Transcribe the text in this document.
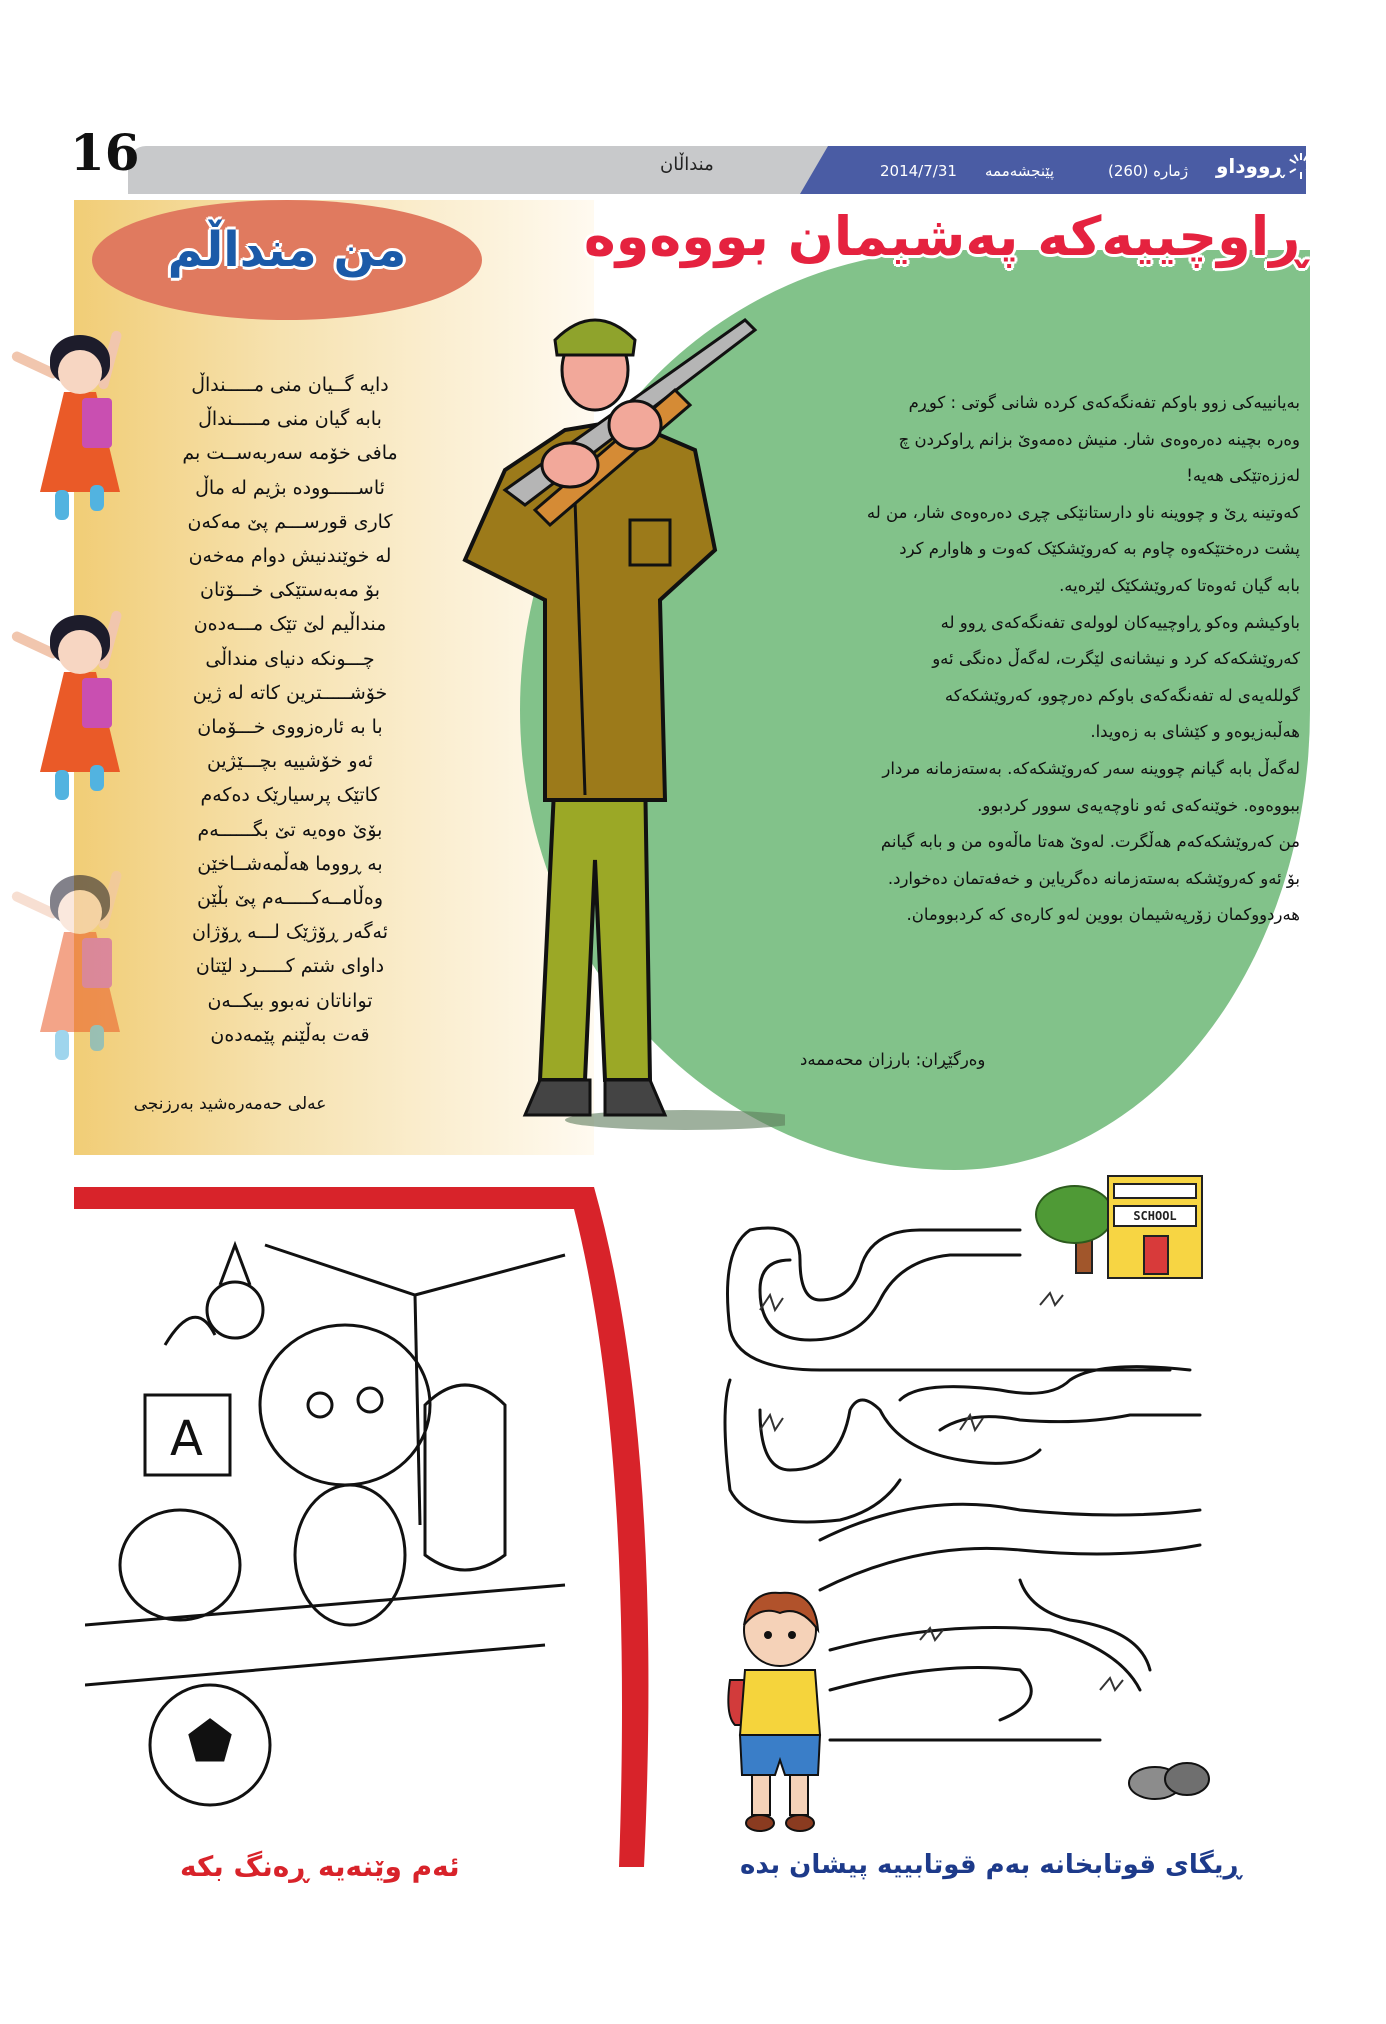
16	منداڵان	2014/7/31 پێنجشەممە	ژمارە (260) ڕووداو
ڕاوچییەکە پەشیمان بووەوە
من منداڵم
دایە گــیان منی مـــــنداڵ
بابە گیان منی مـــــنداڵ
مافی خۆمە سەربەســت بم
ئاســـــوودە بژیم لە ماڵ
کاری قورســـم پێ مەکەن
لە خوێندنیش دوام مەخەن
بۆ مەبەستێکی خـــۆتان
منداڵیم لێ تێک مـــەدەن
چـــونکە دنیای منداڵی
خۆشـــــترین کاتە لە ژین
با بە ئارەزووی خـــۆمان
ئەو خۆشییە بچـــێژین
کاتێک پرسیارێک دەکەم
بۆێ ەوەیە تێ بگــــــەم
بە ڕووما هەڵمەشــاخێن
وەڵامــەکـــــەم پێ بڵێن
ئەگەر ڕۆژێک لـــە ڕۆژان
داوای شتم کـــــرد لێتان
تواناتان نەبوو بیکــەن
قەت بەڵێنم پێمەدەن
عەلی حەمەرەشید بەرزنجی

بەیانییەکی زوو باوکم تفەنگەکەی کردە شانی گوتی : کوڕم

وەرە بچینە دەرەوەی شار. منیش دەمەوێ بزانم ڕاوکردن چ

لەززەتێکی هەیە!

کەوتینە ڕێ و چووینە ناو دارستانێکی چڕی دەرەوەی شار، من لە

پشت درەختێکەوە چاوم بە کەروێشکێک کەوت و هاوارم کرد

بابە گیان ئەوەتا کەروێشکێک لێرەیە.

باوکیشم وەکو ڕاوچییەکان لوولەی تفەنگەکەی ڕوو لە

کەروێشکەکە کرد و نیشانەی لێگرت، لەگەڵ دەنگی ئەو

گوللەیەی لە تفەنگەکەی باوکم دەرچوو، کەروێشکەکە

هەڵبەزیوەو و کێشای بە زەویدا.

لەگەڵ بابە گیانم چووینە سەر کەروێشکەکە. بەستەزمانە مردار

ببووەوە. خوێنەکەی ئەو ناوچەیەی سوور کردبوو.

من کەروێشکەکەم هەڵگرت. لەوێ هەتا ماڵەوە من و بابە گیانم

بۆ ئەو کەروێشکە بەستەزمانە دەگریاین و خەفەتمان دەخوارد.

هەردووکمان زۆرپەشیمان بووین لەو کارەی کە کردبوومان.

وەرگێڕان: بارزان محەممەد
A
ئەم وێنەیە ڕەنگ بکە
SCHOOL
ڕیگای قوتابخانە بەم قوتابییە پیشان بدە
